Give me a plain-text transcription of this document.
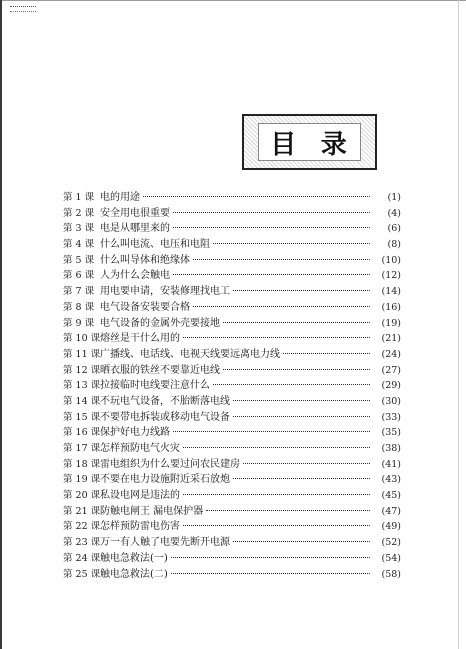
目 录
第 1 课 电的用途	(1)
第 2 课 安全用电很重要	(4)
第 3 课 电是从哪里来的	(6)
第 4 课 什么叫电流、电压和电阻	(8)
第 5 课 什么叫导体和绝缘体	(10)
第 6 课 人为什么会触电	(12)
第 7 课 用电要申请，安装修理找电工	(14)
第 8 课 电气设备安装要合格	(16)
第 9 课 电气设备的金属外壳要接地	(19)
第 10 课 熔丝是干什么用的	(21)
第 11 课 广播线、电话线、电视天线要远离电力线	(24)
第 12 课 晒衣服的铁丝不要靠近电线	(27)
第 13 课 拉接临时电线要注意什么	(29)
第 14 课 不玩电气设备，不胎断落电线	(30)
第 15 课 不要带电拆装或移动电气设备	(33)
第 16 课 保护好电力线路	(35)
第 17 课 怎样预防电气火灾	(38)
第 18 课 雷电组织为什么要过问农民建房	(41)
第 19 课 不要在电力设施附近采石放炮	(43)
第 20 课 私设电网是违法的	(45)
第 21 课 防触电闸王 漏电保护器	(47)
第 22 课 怎样预防雷电伤害	(49)
第 23 课 万一有人触了电要先断开电源	(52)
第 24 课 触电急救法(一)	(54)
第 25 课 触电急救法(二)	(58)
